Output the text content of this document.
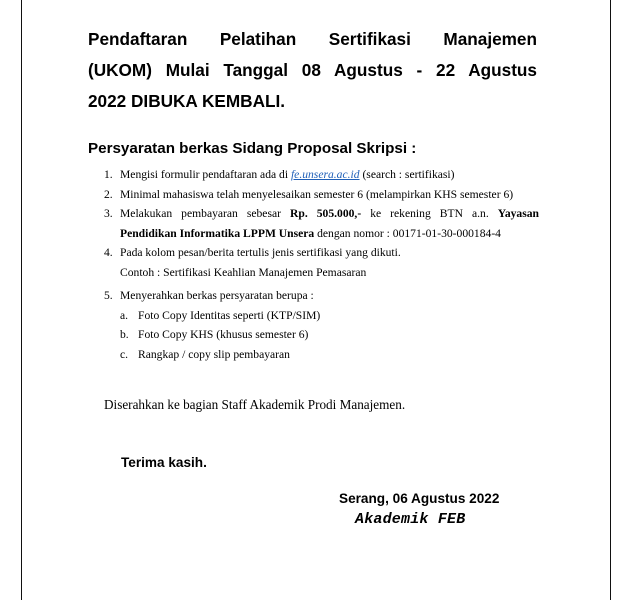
Pendaftaran Pelatihan Sertifikasi Manajemen
(UKOM) Mulai Tanggal 08 Agustus - 22 Agustus
2022 DIBUKA KEMBALI.
Persyaratan berkas Sidang Proposal Skripsi :
1. Mengisi formulir pendaftaran ada di fe.unsera.ac.id (search : sertifikasi)
2. Minimal mahasiswa telah menyelesaikan semester 6 (melampirkan KHS semester 6)
3. Melakukan pembayaran sebesar Rp. 505.000,- ke rekening BTN a.n. Yayasan
Pendidikan Informatika LPPM Unsera dengan nomor : 00171-01-30-000184-4
4. Pada kolom pesan/berita tertulis jenis sertifikasi yang dikuti.
Contoh : Sertifikasi Keahlian Manajemen Pemasaran
5. Menyerahkan berkas persyaratan berupa :
a. Foto Copy Identitas seperti (KTP/SIM)
b. Foto Copy KHS (khusus semester 6)
c. Rangkap / copy slip pembayaran
Diserahkan ke bagian Staff Akademik Prodi Manajemen.
Terima kasih.
Serang, 06 Agustus 2022
Akademik FEB
